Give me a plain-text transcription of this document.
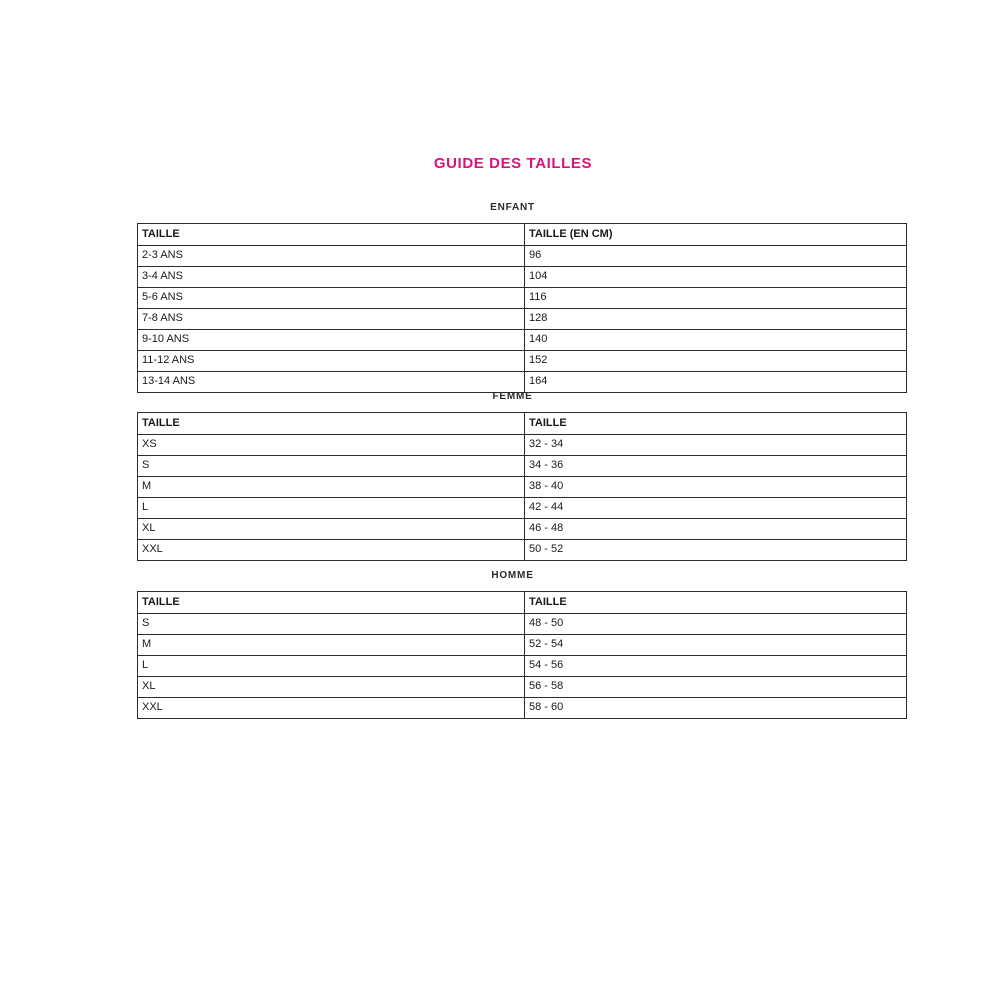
GUIDE DES TAILLES
ENFANT
TAILLE	TAILLE (EN CM)
2-3 ANS	96
3-4 ANS	104
5-6 ANS	116
7-8 ANS	128
9-10 ANS	140
11-12 ANS	152
13-14 ANS	164
FEMME
TAILLE	TAILLE
XS	32 - 34
S	34 - 36
M	38 - 40
L	42 - 44
XL	46 - 48
XXL	50 - 52
HOMME
TAILLE	TAILLE
S	48 - 50
M	52 - 54
L	54 - 56
XL	56 - 58
XXL	58 - 60
